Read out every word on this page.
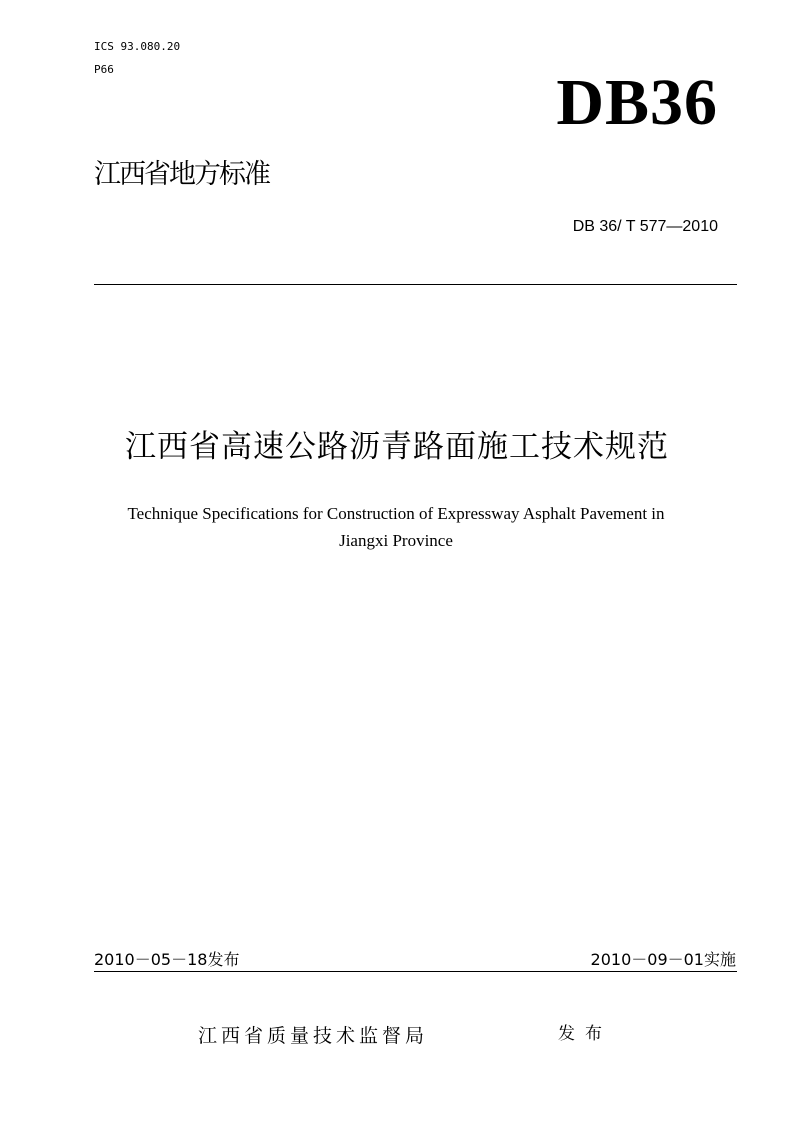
ICS 93.080.20
P66	DB36
江西省地方标准
DB 36/ T 577—2010
江西省高速公路沥青路面施工技术规范
Technique Specifications for Construction of Expressway Asphalt Pavement in
Jiangxi Province
2010－05－18发布	2010－09－01实施
江西省质量技术监督局	发布
